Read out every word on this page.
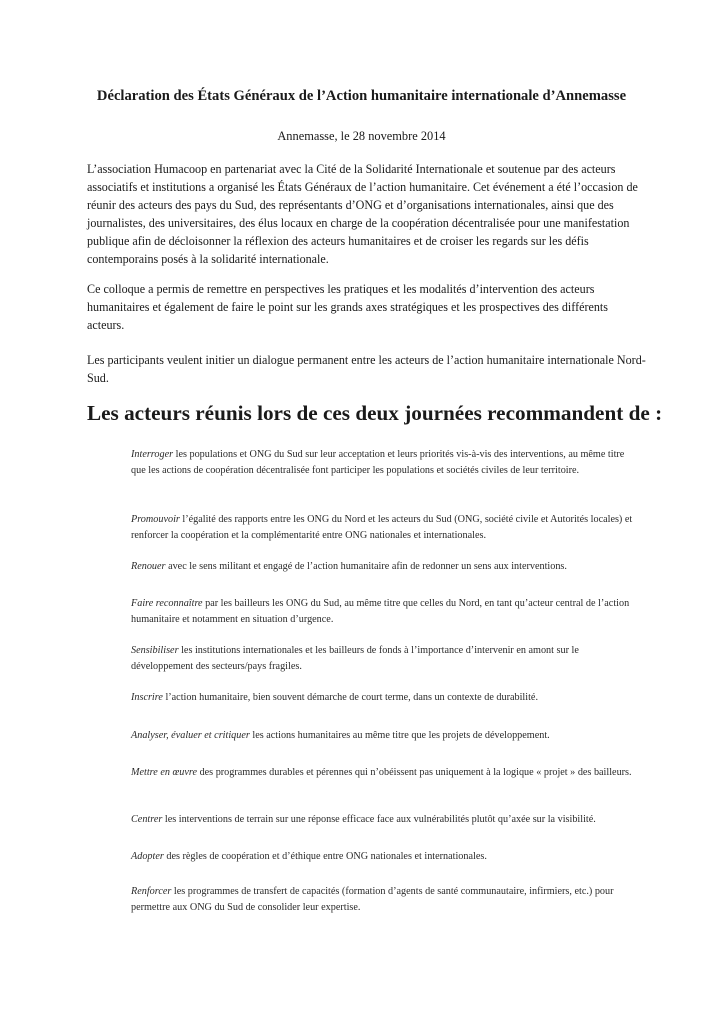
Déclaration des États Généraux de l’Action humanitaire internationale d’Annemasse

Annemasse, le 28 novembre 2014

L’association Humacoop en partenariat avec la Cité de la Solidarité Internationale et soutenue par des acteurs associatifs et institutions a organisé les États Généraux de l’action humanitaire. Cet événement a été l’occasion de réunir des acteurs des pays du Sud, des représentants d’ONG et d’organisations internationales, ainsi que des journalistes, des universitaires, des élus locaux en charge de la coopération décentralisée pour une manifestation publique afin de décloisonner la réflexion des acteurs humanitaires et de croiser les regards sur les défis contemporains posés à la solidarité internationale.

Ce colloque a permis de remettre en perspectives les pratiques et les modalités d’intervention des acteurs humanitaires et également de faire le point sur les grands axes stratégiques et les prospectives des différents acteurs.

Les participants veulent initier un dialogue permanent entre les acteurs de l’action humanitaire internationale Nord-Sud.

Les acteurs réunis lors de ces deux journées recommandent de :
Interroger les populations et ONG du Sud sur leur acceptation et leurs priorités vis-à-vis des interventions, au même titre que les actions de coopération décentralisée font participer les populations et sociétés civiles de leur territoire.
Promouvoir l’égalité des rapports entre les ONG du Nord et les acteurs du Sud (ONG, société civile et Autorités locales) et renforcer la coopération et la complémentarité entre ONG nationales et internationales.
Renouer avec le sens militant et engagé de l’action humanitaire afin de redonner un sens aux interventions.
Faire reconnaître par les bailleurs les ONG du Sud, au même titre que celles du Nord, en tant qu’acteur central de l’action humanitaire et notamment en situation d’urgence.
Sensibiliser les institutions internationales et les bailleurs de fonds à l’importance d’intervenir en amont sur le développement des secteurs/pays fragiles.
Inscrire l’action humanitaire, bien souvent démarche de court terme, dans un contexte de durabilité.
Analyser, évaluer et critiquer les actions humanitaires au même titre que les projets de développement.
Mettre en œuvre des programmes durables et pérennes qui n’obéissent pas uniquement à la logique « projet » des bailleurs.
Centrer les interventions de terrain sur une réponse efficace face aux vulnérabilités plutôt qu’axée sur la visibilité.
Adopter des règles de coopération et d’éthique entre ONG nationales et internationales.
Renforcer les programmes de transfert de capacités (formation d’agents de santé communautaire, infirmiers, etc.) pour permettre aux ONG du Sud de consolider leur expertise.
